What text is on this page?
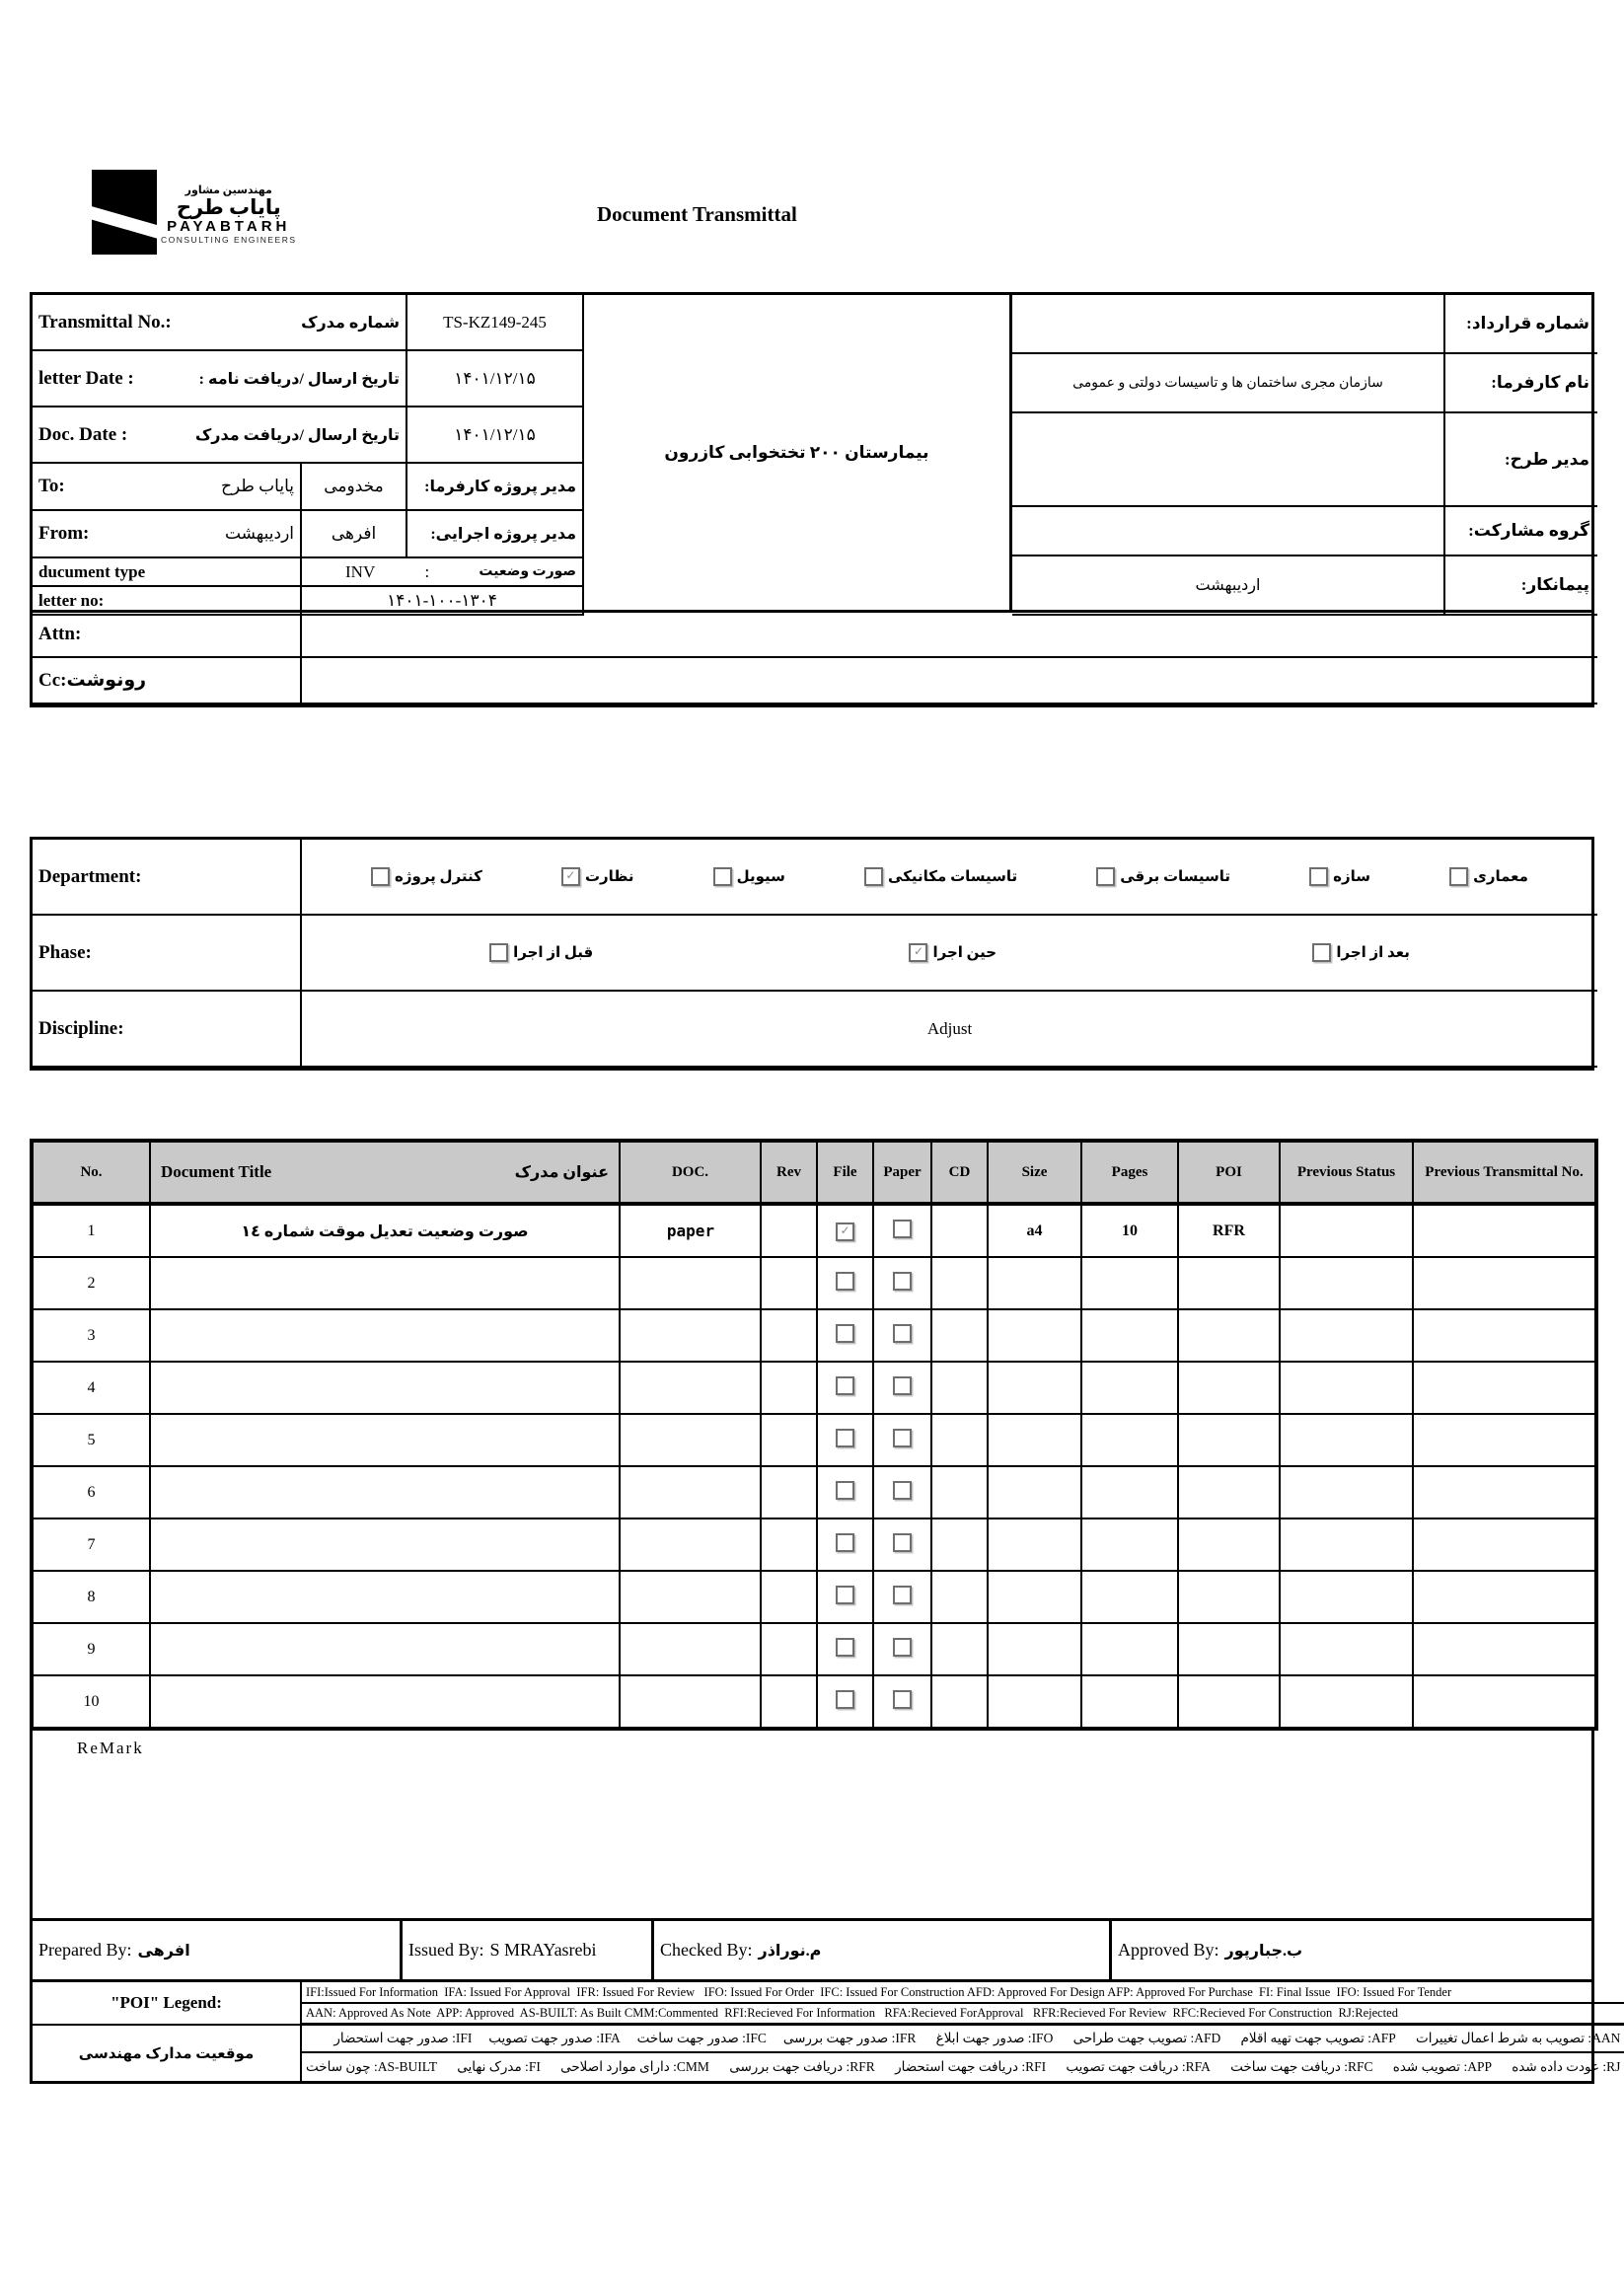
مهندسین مشاور
پایاب طرح
PAYABTARH
CONSULTING ENGINEERS
Document Transmittal
Transmittal No.:	شماره مدرک	TS-KZ149-245
letter Date :	تاریخ ارسال /دریافت نامه :	۱۴۰۱/۱۲/۱۵
Doc. Date :	تاریخ ارسال /دریافت مدرک	۱۴۰۱/۱۲/۱۵
To:	پایاب طرح	مخدومی	مدیر پروژه کارفرما:
From:	اردیبهشت	افرهی	مدیر پروژه اجرایی:
ducument type	INV	:	صورت وضعیت
letter no:	۱۴۰۱-۱۰۰-۱۳۰۴
بیمارستان ۲۰۰ تختخوابی کازرون
شماره قرارداد:
سازمان مجری ساختمان ها و تاسیسات دولتی و عمومی	نام کارفرما:
مدیر طرح:
گروه مشارکت:
اردیبهشت	پیمانکار:
Attn:
Cc:رونوشت
Department:	کنترل پروژه	✓ نظارت	سیویل	تاسیسات مکانیکی	تاسیسات برقی	سازه	معماری
Phase:	قبل از اجرا	✓ حین اجرا	بعد از اجرا
Discipline:	Adjust
No.	Document Title عنوان مدرک	DOC.	Rev	File	Paper	CD	Size	Pages	POI	Previous Status	Previous Transmittal No.
1	صورت وضعیت تعدیل موقت شماره ١٤	paper		✓			a4	10	RFR		
2											
3											
4											
5											
6											
7											
8											
9											
10											
ReMark
Prepared By: افرهی	Issued By: S MRAYasrebi	Checked By: م.نوراذر	Approved By: ب.جبارپور
"POI" Legend:
موقعیت مدارک مهندسی
IFI:Issued For Information  IFA: Issued For Approval  IFR: Issued For Review   IFO: Issued For Order  IFC: Issued For Construction AFD: Approved For Design AFP: Approved For Purchase  FI: Final Issue  IFO: Issued For Tender
AAN: Approved As Note  APP: Approved  AS-BUILT: As Built CMM:Commented  RFI:Recieved For Information   RFA:Recieved ForApproval   RFR:Recieved For Review  RFC:Recieved For Construction  RJ:Rejected
AAN: تصویب به شرط اعمال تغییرات      AFP: تصویب جهت تهیه اقلام      AFD: تصویب جهت طراحی      IFO: صدور جهت ابلاغ      IFR: صدور جهت بررسی     IFC: صدور جهت ساخت     IFA: صدور جهت تصویب     IFI: صدور جهت استحضار
RJ: عودت داده شده      APP: تصویب شده      RFC: دریافت جهت ساخت      RFA: دریافت جهت تصویب      RFI: دریافت جهت استحضار      RFR: دریافت جهت بررسی      CMM: دارای موارد اصلاحی      FI: مدرک نهایی      AS-BUILT: چون ساخت
